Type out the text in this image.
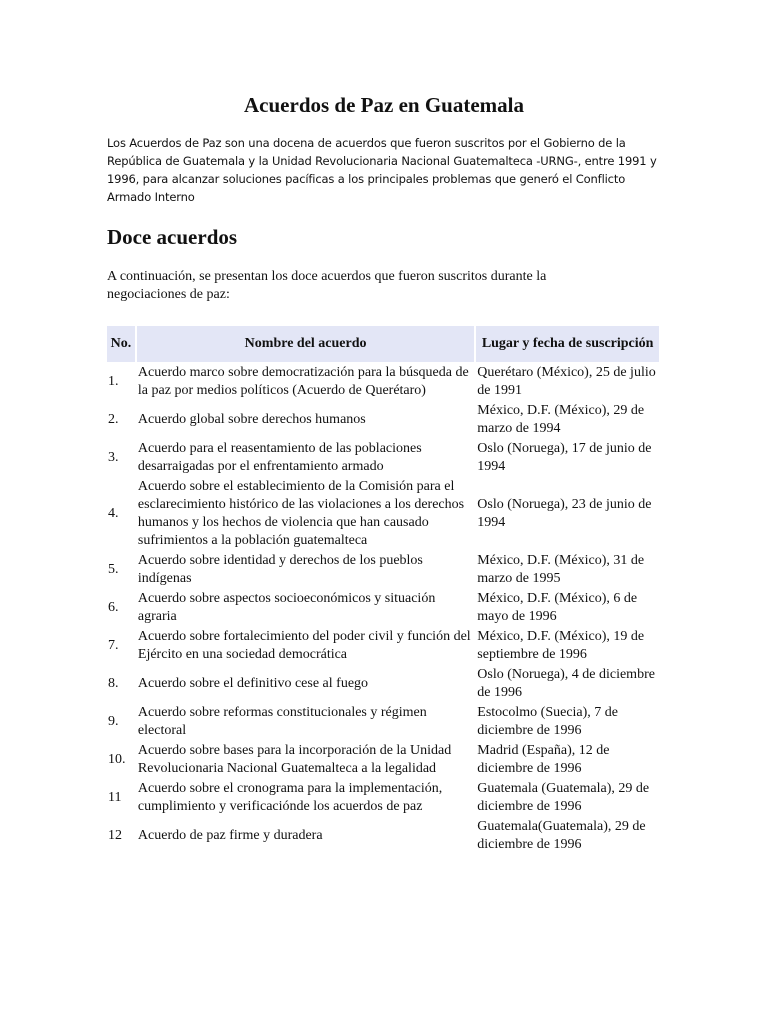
Acuerdos de Paz en Guatemala

Los Acuerdos de Paz son una docena de acuerdos que fueron suscritos por el Gobierno de la República de Guatemala y la Unidad Revolucionaria Nacional Guatemalteca -URNG-, entre 1991 y 1996, para alcanzar soluciones pacíficas a los principales problemas que generó el Conflicto Armado Interno

Doce acuerdos

A continuación, se presentan los doce acuerdos que fueron suscritos durante la negociaciones de paz:

No.	Nombre del acuerdo	Lugar y fecha de suscripción
1.	Acuerdo marco sobre democratización para la búsqueda de la paz por medios políticos (Acuerdo de Querétaro)	Querétaro (México), 25 de julio de 1991
2.	Acuerdo global sobre derechos humanos	México, D.F. (México), 29 de marzo de 1994
3.	Acuerdo para el reasentamiento de las poblaciones desarraigadas por el enfrentamiento armado	Oslo (Noruega), 17 de junio de 1994
4.	Acuerdo sobre el establecimiento de la Comisión para el esclarecimiento histórico de las violaciones a los derechos humanos y los hechos de violencia que han causado sufrimientos a la población guatemalteca	Oslo (Noruega), 23 de junio de 1994
5.	Acuerdo sobre identidad y derechos de los pueblos indígenas	México, D.F. (México), 31 de marzo de 1995
6.	Acuerdo sobre aspectos socioeconómicos y situación agraria	México, D.F. (México), 6 de mayo de 1996
7.	Acuerdo sobre fortalecimiento del poder civil y función del Ejército en una sociedad democrática	México, D.F. (México), 19 de septiembre de 1996
8.	Acuerdo sobre el definitivo cese al fuego	Oslo (Noruega), 4 de diciembre de 1996
9.	Acuerdo sobre reformas constitucionales y régimen electoral	Estocolmo (Suecia), 7 de diciembre de 1996
10.	Acuerdo sobre bases para la incorporación de la Unidad Revolucionaria Nacional Guatemalteca a la legalidad	Madrid (España), 12 de diciembre de 1996
11	Acuerdo sobre el cronograma para la implementación, cumplimiento y verificaciónde los acuerdos de paz	Guatemala (Guatemala), 29 de diciembre de 1996
12	Acuerdo de paz firme y duradera	Guatemala(Guatemala), 29 de diciembre de 1996
